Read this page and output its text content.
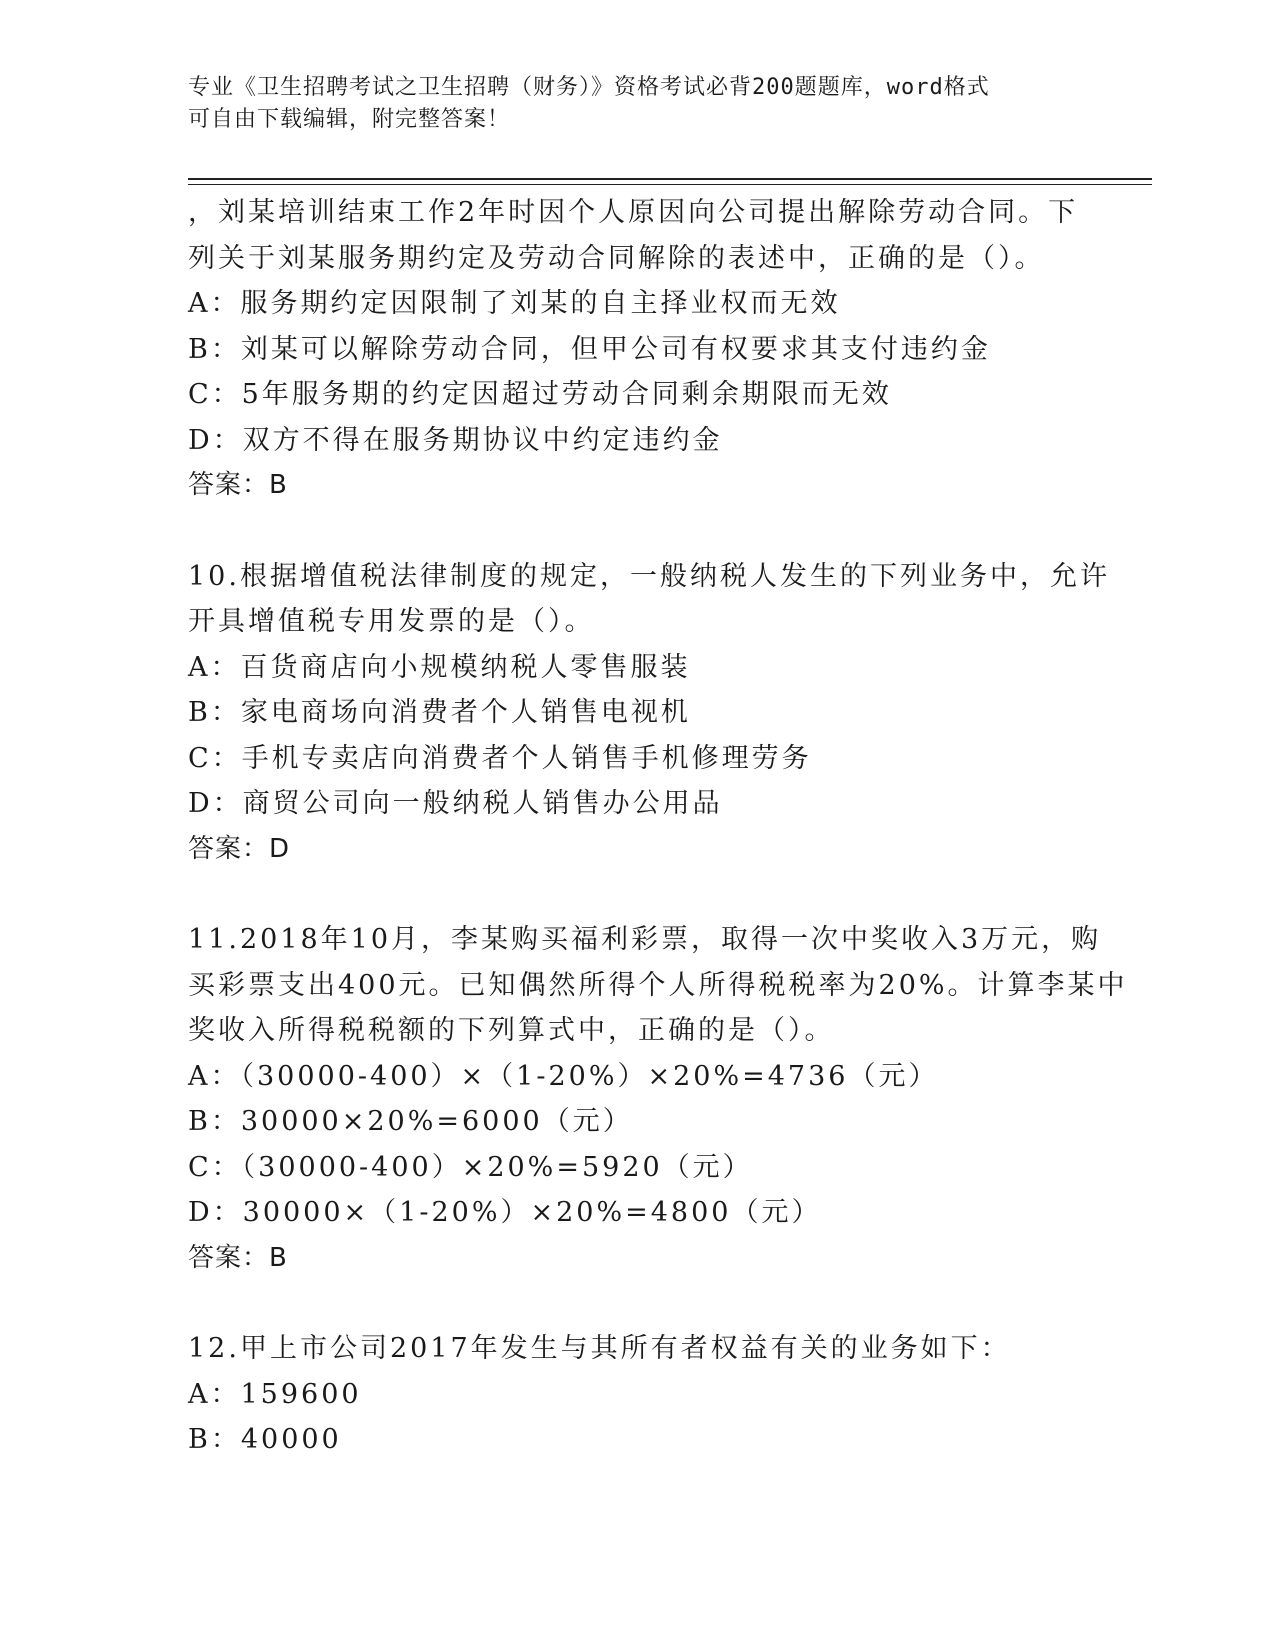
专业《卫生招聘考试之卫生招聘（财务）》资格考试必背200题题库，word格式
可自由下载编辑，附完整答案！
，刘某培训结束工作2年时因个人原因向公司提出解除劳动合同。下
列关于刘某服务期约定及劳动合同解除的表述中，正确的是（）。
A：服务期约定因限制了刘某的自主择业权而无效
B：刘某可以解除劳动合同，但甲公司有权要求其支付违约金
C：5年服务期的约定因超过劳动合同剩余期限而无效
D：双方不得在服务期协议中约定违约金
答案：B
10.根据增值税法律制度的规定，一般纳税人发生的下列业务中，允许
开具增值税专用发票的是（）。
A：百货商店向小规模纳税人零售服装
B：家电商场向消费者个人销售电视机
C：手机专卖店向消费者个人销售手机修理劳务
D：商贸公司向一般纳税人销售办公用品
答案：D
11.2018年10月，李某购买福利彩票，取得一次中奖收入3万元，购
买彩票支出400元。已知偶然所得个人所得税税率为20%。计算李某中
奖收入所得税税额的下列算式中，正确的是（）。
A：（30000-400）×（1-20%）×20%=4736（元）
B：30000×20%=6000（元）
C：（30000-400）×20%=5920（元）
D：30000×（1-20%）×20%=4800（元）
答案：B
12.甲上市公司2017年发生与其所有者权益有关的业务如下：
A：159600
B：40000
